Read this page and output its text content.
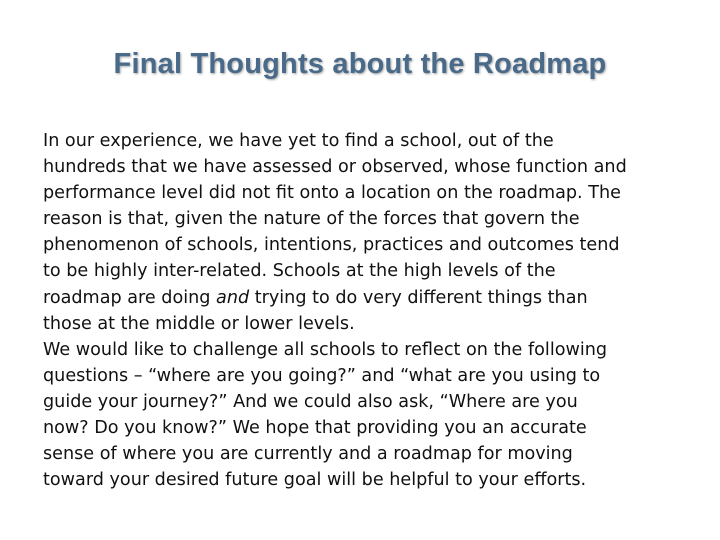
Final Thoughts about the Roadmap

In our experience, we have yet to find a school, out of the
hundreds that we have assessed or observed, whose function and
performance level did not fit onto a location on the roadmap. The
reason is that, given the nature of the forces that govern the
phenomenon of schools, intentions, practices and outcomes tend
to be highly inter-related. Schools at the high levels of the
roadmap are doing and trying to do very different things than
those at the middle or lower levels.

We would like to challenge all schools to reflect on the following
questions – “where are you going?” and “what are you using to
guide your journey?” And we could also ask, “Where are you
now? Do you know?” We hope that providing you an accurate
sense of where you are currently and a roadmap for moving
toward your desired future goal will be helpful to your efforts.
